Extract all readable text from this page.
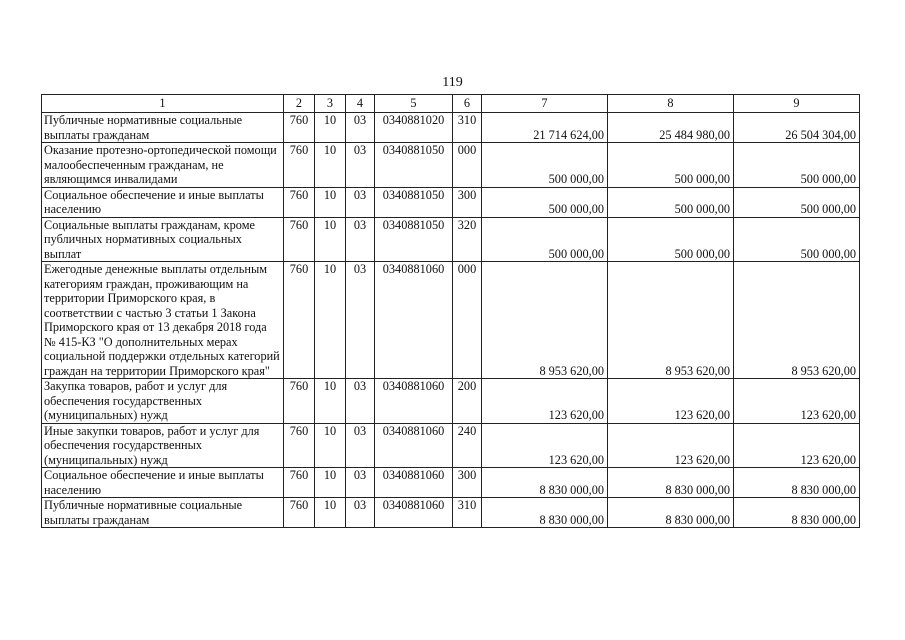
119
1	2	3	4	5	6	7	8	9
Публичные нормативные социальные выплаты гражданам	760	10	03	0340881020	310	21 714 624,00	25 484 980,00	26 504 304,00
Оказание протезно-ортопедической помощи малообеспеченным гражданам, не являющимся инвалидами	760	10	03	0340881050	000	500 000,00	500 000,00	500 000,00
Социальное обеспечение и иные выплаты населению	760	10	03	0340881050	300	500 000,00	500 000,00	500 000,00
Социальные выплаты гражданам, кроме публичных нормативных социальных выплат	760	10	03	0340881050	320	500 000,00	500 000,00	500 000,00
Ежегодные денежные выплаты отдельным категориям граждан, проживающим на территории Приморского края, в соответствии с частью 3 статьи 1 Закона Приморского края от 13 декабря 2018 года № 415-КЗ "О дополнительных мерах социальной поддержки отдельных категорий граждан на территории Приморского края"	760	10	03	0340881060	000	8 953 620,00	8 953 620,00	8 953 620,00
Закупка товаров, работ и услуг для обеспечения государственных (муниципальных) нужд	760	10	03	0340881060	200	123 620,00	123 620,00	123 620,00
Иные закупки товаров, работ и услуг для обеспечения государственных (муниципальных) нужд	760	10	03	0340881060	240	123 620,00	123 620,00	123 620,00
Социальное обеспечение и иные выплаты населению	760	10	03	0340881060	300	8 830 000,00	8 830 000,00	8 830 000,00
Публичные нормативные социальные выплаты гражданам	760	10	03	0340881060	310	8 830 000,00	8 830 000,00	8 830 000,00
